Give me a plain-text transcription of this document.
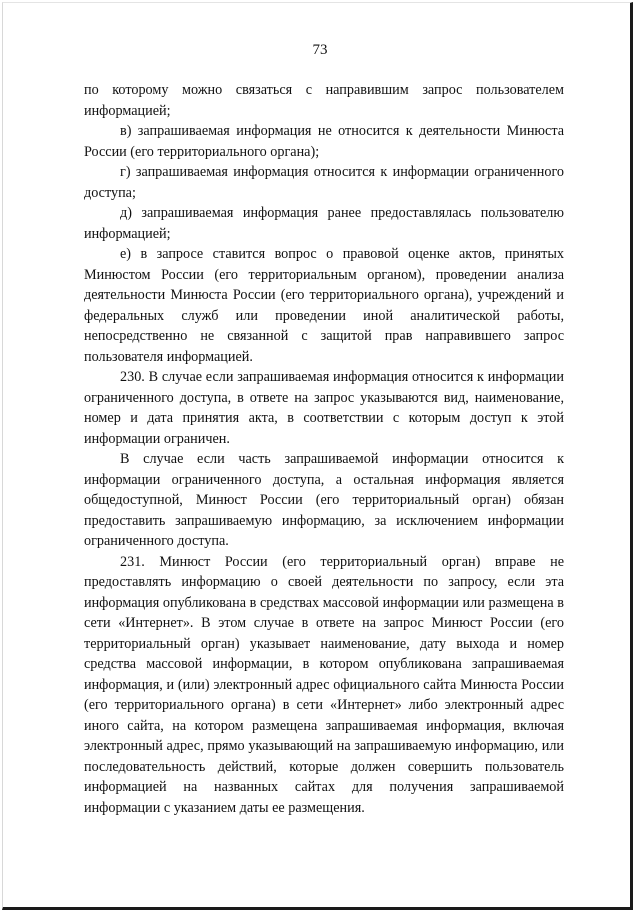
73

по которому можно связаться с направившим запрос пользователем информацией;

в) запрашиваемая информация не относится к деятельности Минюста России (его территориального органа);

г) запрашиваемая информация относится к информации ограниченного доступа;

д) запрашиваемая информация ранее предоставлялась пользователю информацией;

е) в запросе ставится вопрос о правовой оценке актов, принятых Минюстом России (его территориальным органом), проведении анализа деятельности Минюста России (его территориального органа), учреждений и федеральных служб или проведении иной аналитической работы, непосредственно не связанной с защитой прав направившего запрос пользователя информацией.

230. В случае если запрашиваемая информация относится к информации ограниченного доступа, в ответе на запрос указываются вид, наименование, номер и дата принятия акта, в соответствии с которым доступ к этой информации ограничен.

В случае если часть запрашиваемой информации относится к информации ограниченного доступа, а остальная информация является общедоступной, Минюст России (его территориальный орган) обязан предоставить запрашиваемую информацию, за исключением информации ограниченного доступа.

231. Минюст России (его территориальный орган) вправе не предоставлять информацию о своей деятельности по запросу, если эта информация опубликована в средствах массовой информации или размещена в сети «Интернет». В этом случае в ответе на запрос Минюст России (его территориальный орган) указывает наименование, дату выхода и номер средства массовой информации, в котором опубликована запрашиваемая информация, и (или) электронный адрес официального сайта Минюста России (его территориального органа) в сети «Интернет» либо электронный адрес иного сайта, на котором размещена запрашиваемая информация, включая электронный адрес, прямо указывающий на запрашиваемую информацию, или последовательность действий, которые должен совершить пользователь информацией на названных сайтах для получения запрашиваемой информации с указанием даты ее размещения.
